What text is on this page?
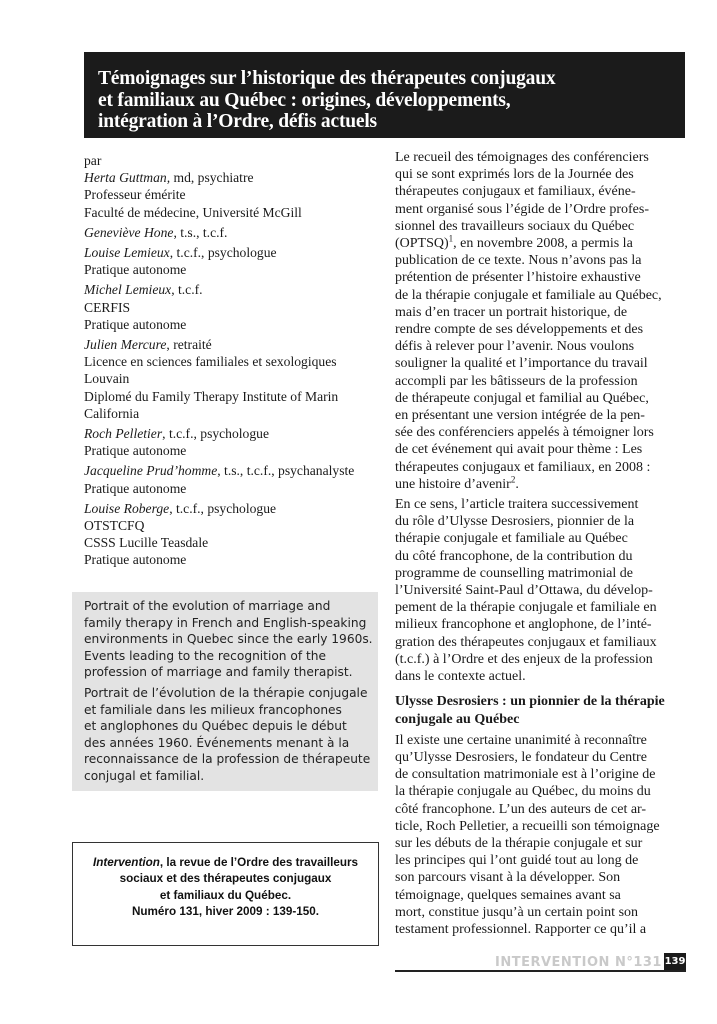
Témoignages sur l’historique des thérapeutes conjugaux
et familiaux au Québec : origines, développements,
intégration à l’Ordre, défis actuels
par
Herta Guttman, md, psychiatre
Professeur émérite
Faculté de médecine, Université McGill
Geneviève Hone, t.s., t.c.f.
Louise Lemieux, t.c.f., psychologue
Pratique autonome
Michel Lemieux, t.c.f.
CERFIS
Pratique autonome
Julien Mercure, retraité
Licence en sciences familiales et sexologiques
Louvain
Diplomé du Family Therapy Institute of Marin
California
Roch Pelletier, t.c.f., psychologue
Pratique autonome
Jacqueline Prud’homme, t.s., t.c.f., psychanalyste
Pratique autonome
Louise Roberge, t.c.f., psychologue
OTSTCFQ
CSSS Lucille Teasdale
Pratique autonome

Portrait of the evolution of marriage and
family therapy in French and English-speaking
environments in Quebec since the early 1960s.
Events leading to the recognition of the
profession of marriage and family therapist.

Portrait de l’évolution de la thérapie conjugale
et familiale dans les milieux francophones
et anglophones du Québec depuis le début
des années 1960. Événements menant à la
reconnaissance de la profession de thérapeute
conjugal et familial.

Intervention, la revue de l’Ordre des travailleurs
sociaux et des thérapeutes conjugaux
et familiaux du Québec.
Numéro 131, hiver 2009 : 139-150.

Le recueil des témoignages des conférenciers
qui se sont exprimés lors de la Journée des
thérapeutes conjugaux et familiaux, événe-
ment organisé sous l’égide de l’Ordre profes-
sionnel des travailleurs sociaux du Québec
(OPTSQ)$^1$, en novembre 2008, a permis la
publication de ce texte. Nous n’avons pas la
prétention de présenter l’histoire exhaustive
de la thérapie conjugale et familiale au Québec,
mais d’en tracer un portrait historique, de
rendre compte de ses développements et des
défis à relever pour l’avenir. Nous voulons
souligner la qualité et l’importance du travail
accompli par les bâtisseurs de la profession
de thérapeute conjugal et familial au Québec,
en présentant une version intégrée de la pen-
sée des conférenciers appelés à témoigner lors
de cet événement qui avait pour thème : Les
thérapeutes conjugaux et familiaux, en 2008 :
une histoire d’avenir$^2$.

En ce sens, l’article traitera successivement
du rôle d’Ulysse Desrosiers, pionnier de la
thérapie conjugale et familiale au Québec
du côté francophone, de la contribution du
programme de counselling matrimonial de
l’Université Saint-Paul d’Ottawa, du dévelop-
pement de la thérapie conjugale et familiale en
milieux francophone et anglophone, de l’inté-
gration des thérapeutes conjugaux et familiaux
(t.c.f.) à l’Ordre et des enjeux de la profession
dans le contexte actuel.

Ulysse Desrosiers : un pionnier de la thérapie
conjugale au Québec

Il existe une certaine unanimité à reconnaître
qu’Ulysse Desrosiers, le fondateur du Centre
de consultation matrimoniale est à l’origine de
la thérapie conjugale au Québec, du moins du
côté francophone. L’un des auteurs de cet ar-
ticle, Roch Pelletier, a recueilli son témoignage
sur les débuts de la thérapie conjugale et sur
les principes qui l’ont guidé tout au long de
son parcours visant à la développer. Son
témoignage, quelques semaines avant sa
mort, constitue jusqu’à un certain point son
testament professionnel. Rapporter ce qu’il a

INTERVENTION N°131 139
